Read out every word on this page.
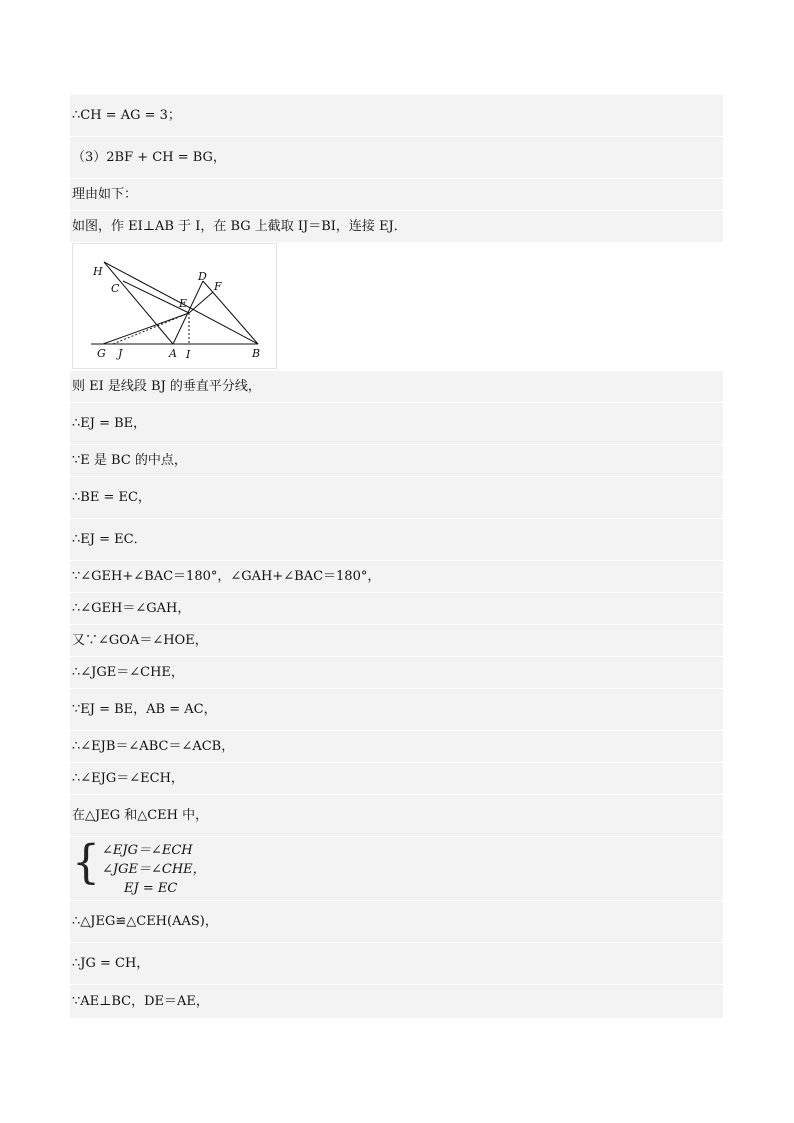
∴CH = AG = 3；
（3）2BF + CH = BG，
理由如下：
如图，作 EI⊥AB 于 I，在 BG 上截取 IJ＝BI，连接 EJ．
H
C
D
F
E
G J	A I	B
则 EI 是线段 BJ 的垂直平分线，
∴EJ = BE，
∵E 是 BC 的中点，
∴BE = EC，
∴EJ = EC．
∵∠GEH+∠BAC＝180°，∠GAH+∠BAC＝180°，
∴∠GEH＝∠GAH，
又∵∠GOA＝∠HOE，
∴∠JGE＝∠CHE，
∵EJ = BE，AB = AC，
∴∠EJB＝∠ABC＝∠ACB，
∴∠EJG＝∠ECH，
在△JEG 和△CEH 中，
{ ∠EJG＝∠ECH
∠JGE＝∠CHE，
EJ = EC
∴△JEG≌△CEH(AAS)，
∴JG = CH，
∵AE⊥BC，DE＝AE，
